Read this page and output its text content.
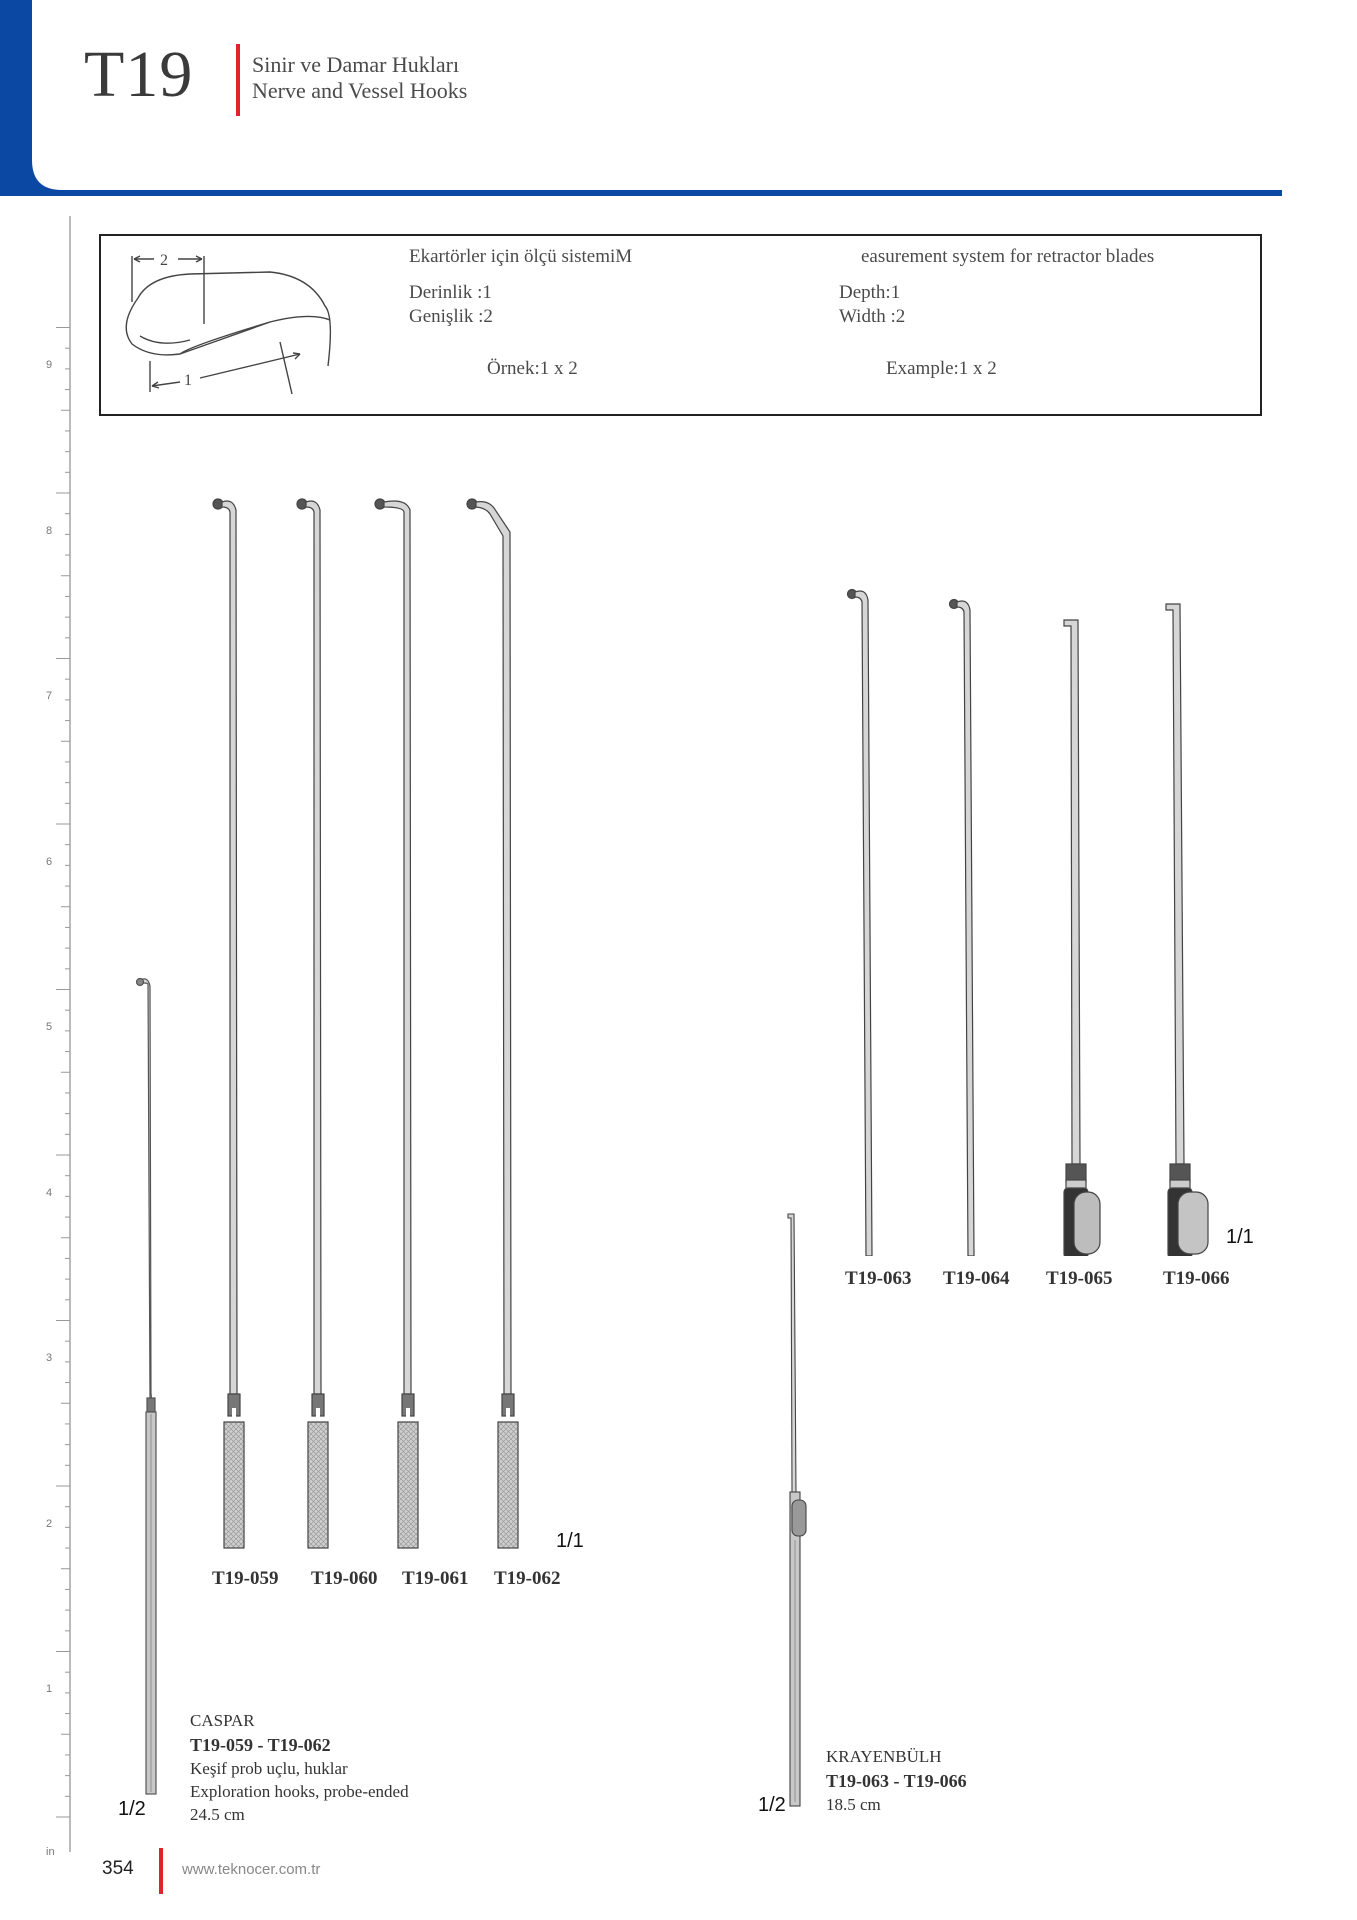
T19	Sinir ve Damar Hukları
Nerve and Vessel Hooks
9
8
7
6
5
4
3
2
1
in
2
1
Ekartörler için ölçü sistemiM	easurement system for retractor blades
Derinlik :1
Genişlik :2
Depth:1
Width :2
Örnek:1 x 2	Example:1 x 2
1/2
1/1
T19-059 T19-060 T19-061 T19-062
CASPAR
T19-059 - T19-062
Keşif prob uçlu, huklar
Exploration hooks, probe-ended
24.5 cm
1/1
T19-063 T19-064 T19-065	T19-066
1/2
KRAYENBÜLH
T19-063 - T19-066
18.5 cm
354	www.teknocer.com.tr
